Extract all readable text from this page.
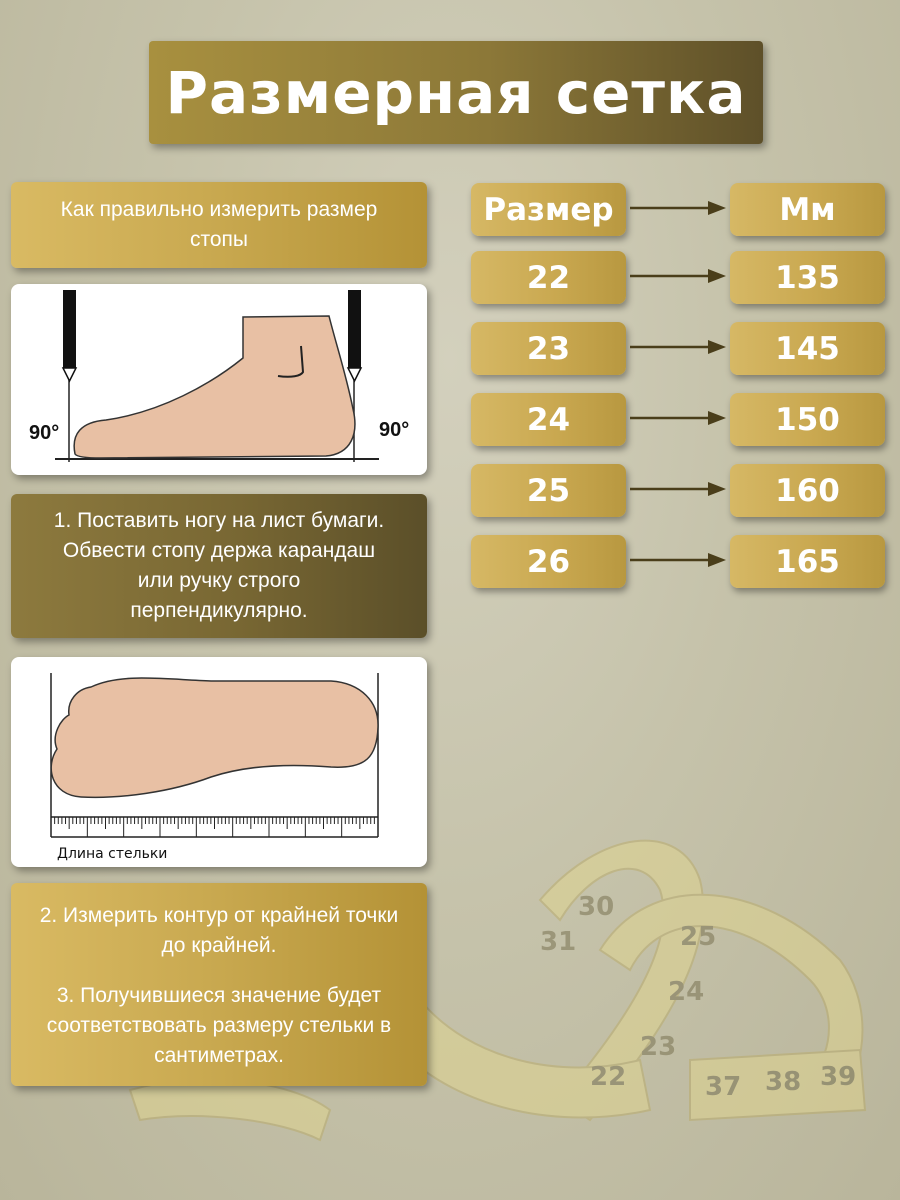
30
31	25
24
23
22	37 38 39
Размерная сетка
Как правильно измерить размер стопы
90°	90°
1. Поставить ногу на лист бумаги. Обвести стопу держа карандаш или ручку строго перпендикулярно.
Длина стельки
2. Измерить контур от крайней точки до крайней.
3. Получившиеся значение будет соответствовать размеру стельки в сантиметрах.
Размер	Мм
22	135
23	145
24	150
25	160
26	165
